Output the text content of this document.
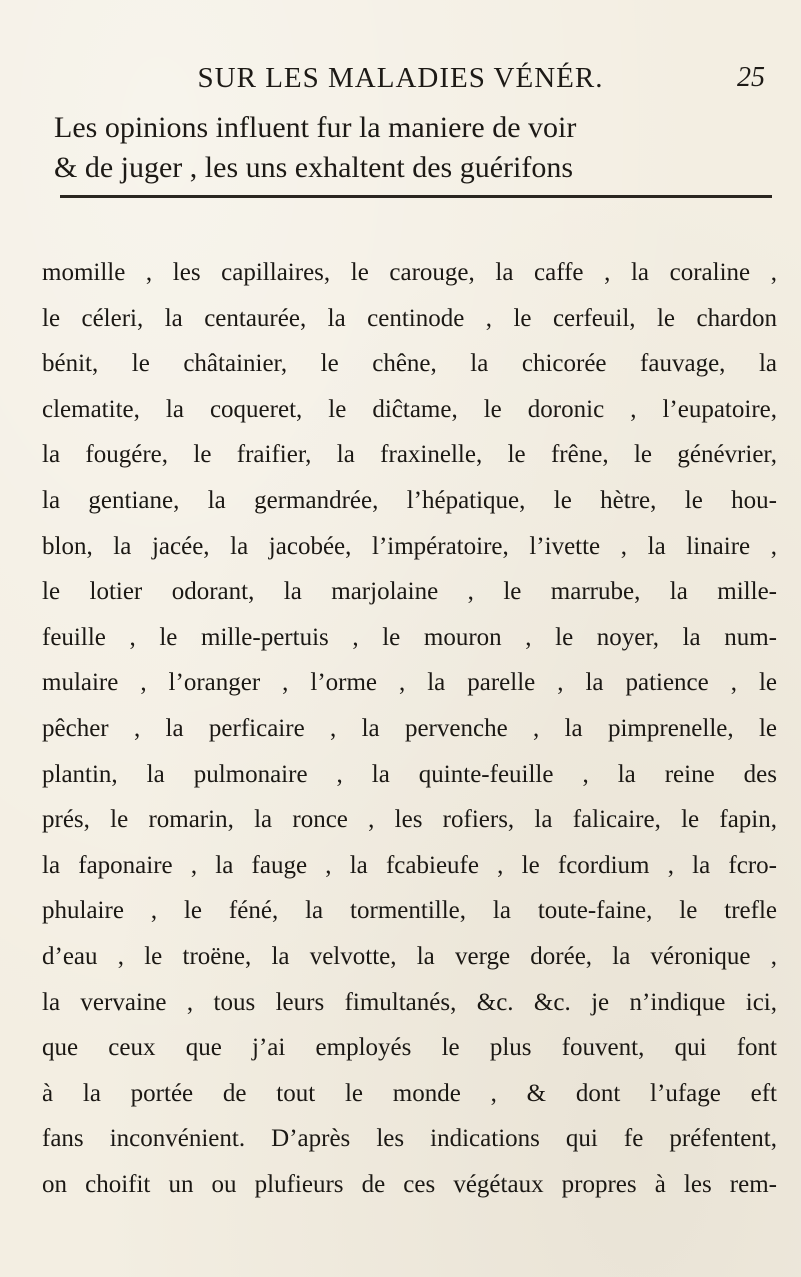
SUR LES MALADIES VÉNÉR.	25
Les opinions influent fur la maniere de voir
& de juger , les uns exhaltent des guérifons
momille , les capillaires, le carouge, la caffe , la coraline ,
le céleri, la centaurée, la centinode , le cerfeuil, le chardon
bénit, le châtainier, le chêne, la chicorée fauvage, la
clematite, la coqueret, le diĉtame, le doronic , l’eupatoire,
la fougére, le fraifier, la fraxinelle, le frêne, le génévrier,
la gentiane, la germandrée, l’hépatique, le hètre, le hou-
blon, la jacée, la jacobée, l’impératoire, l’ivette , la linaire ,
le lotier odorant, la marjolaine , le marrube, la mille-
feuille , le mille-pertuis , le mouron , le noyer, la num-
mulaire , l’oranger , l’orme , la parelle , la patience , le
pêcher , la perficaire , la pervenche , la pimprenelle, le
plantin, la pulmonaire , la quinte-feuille , la reine des
prés, le romarin, la ronce , les rofiers, la falicaire, le fapin,
la faponaire , la fauge , la fcabieufe , le fcordium , la fcro-
phulaire , le féné, la tormentille, la toute-faine, le trefle
d’eau , le troëne, la velvotte, la verge dorée, la véronique ,
la vervaine , tous leurs fimultanés, &c. &c. je n’indique ici,
que ceux que j’ai employés le plus fouvent, qui font
à la portée de tout le monde , & dont l’ufage eft
fans inconvénient. D’après les indications qui fe préfentent,
on choifit un ou plufieurs de ces végétaux propres à les rem-
